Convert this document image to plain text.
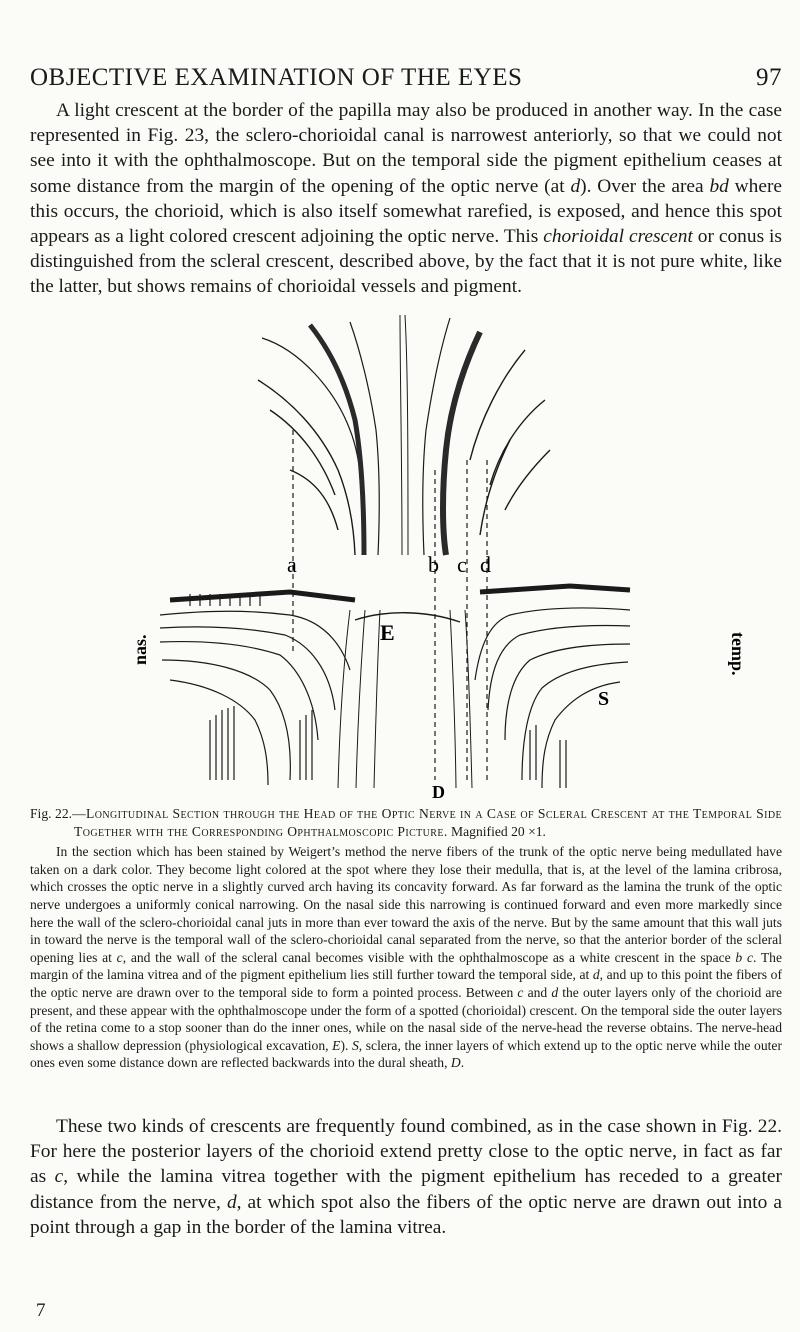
OBJECTIVE EXAMINATION OF THE EYES	97

A light crescent at the border of the papilla may also be produced in another way. In the case represented in Fig. 23, the sclero-chorioidal canal is narrowest anteriorly, so that we could not see into it with the ophthalmoscope. But on the temporal side the pigment epithelium ceases at some distance from the margin of the opening of the optic nerve (at d). Over the area bd where this occurs, the chorioid, which is also itself somewhat rarefied, is exposed, and hence this spot appears as a light colored crescent adjoining the optic nerve. This chorioidal crescent or conus is distinguished from the scleral crescent, described above, by the fact that it is not pure white, like the latter, but shows remains of chorioidal vessels and pigment.

a	b c d
E
S
D
nas.	temp.

Fig. 22.—Longitudinal Section through the Head of the Optic Nerve in a Case of Scleral Crescent at the Temporal Side Together with the Corresponding Ophthalmoscopic Picture. Magnified 20 ×1.

In the section which has been stained by Weigert’s method the nerve fibers of the trunk of the optic nerve being medullated have taken on a dark color. They become light colored at the spot where they lose their medulla, that is, at the level of the lamina cribrosa, which crosses the optic nerve in a slightly curved arch having its concavity forward. As far forward as the lamina the trunk of the optic nerve undergoes a uniformly conical narrowing. On the nasal side this narrowing is continued forward and even more markedly since here the wall of the sclero-chorioidal canal juts in more than ever toward the axis of the nerve. But by the same amount that this wall juts in toward the nerve is the temporal wall of the sclero-chorioidal canal separated from the nerve, so that the anterior border of the scleral opening lies at c, and the wall of the scleral canal becomes visible with the ophthalmoscope as a white crescent in the space b c. The margin of the lamina vitrea and of the pigment epithelium lies still further toward the temporal side, at d, and up to this point the fibers of the optic nerve are drawn over to the temporal side to form a pointed process. Between c and d the outer layers only of the chorioid are present, and these appear with the ophthalmoscope under the form of a spotted (chorioidal) crescent. On the temporal side the outer layers of the retina come to a stop sooner than do the inner ones, while on the nasal side of the nerve-head the reverse obtains. The nerve-head shows a shallow depression (physiological excavation, E). S, sclera, the inner layers of which extend up to the optic nerve while the outer ones even some distance down are reflected backwards into the dural sheath, D.

These two kinds of crescents are frequently found combined, as in the case shown in Fig. 22. For here the posterior layers of the chorioid extend pretty close to the optic nerve, in fact as far as c, while the lamina vitrea together with the pigment epithelium has receded to a greater distance from the nerve, d, at which spot also the fibers of the optic nerve are drawn out into a point through a gap in the border of the lamina vitrea.

7
